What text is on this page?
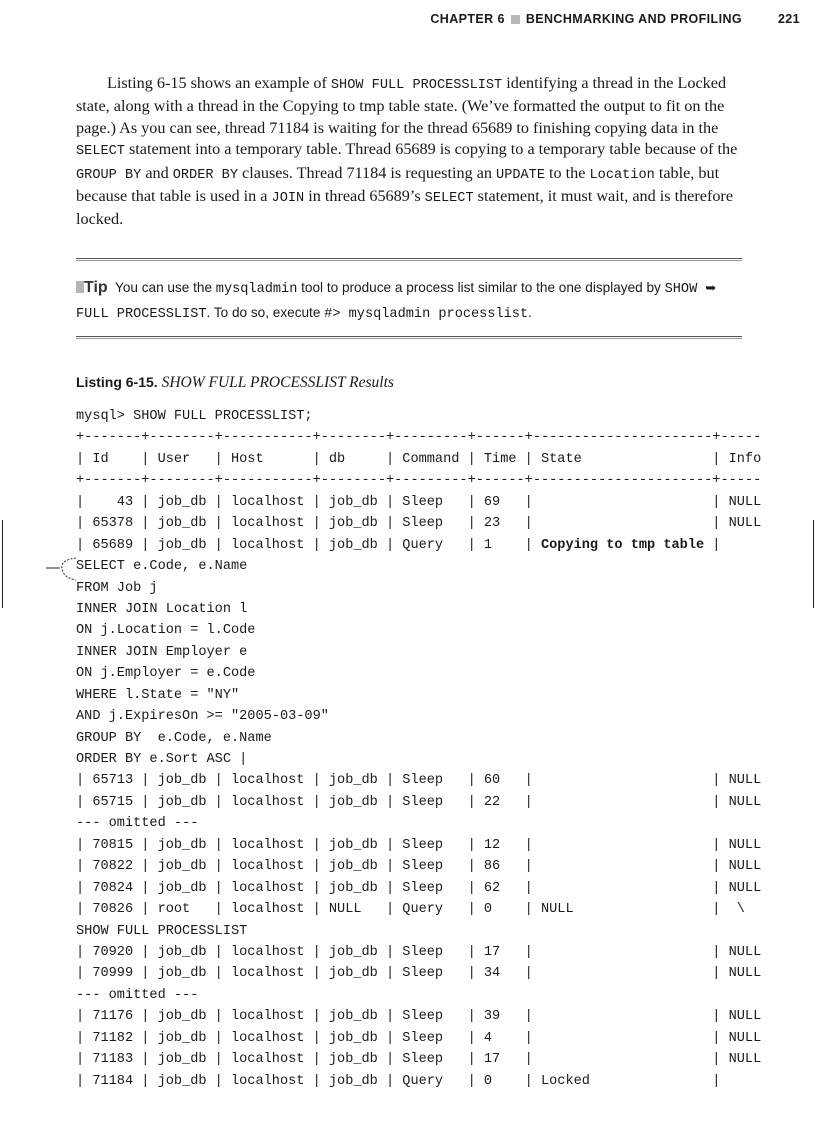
CHAPTER 6 BENCHMARKING AND PROFILING	221

Listing 6-15 shows an example of SHOW FULL PROCESSLIST identifying a thread in the Locked state, along with a thread in the Copying to tmp table state. (We’ve formatted the output to fit on the page.) As you can see, thread 71184 is waiting for the thread 65689 to finishing copying data in the SELECT statement into a temporary table. Thread 65689 is copying to a temporary table because of the GROUP BY and ORDER BY clauses. Thread 71184 is requesting an UPDATE to the Location table, but because that table is used in a JOIN in thread 65689’s SELECT statement, it must wait, and is therefore locked.

Tip You can use the mysqladmin tool to produce a process list similar to the one displayed by SHOW ➥
FULL PROCESSLIST. To do so, execute #> mysqladmin processlist.
Listing 6-15. SHOW FULL PROCESSLIST Results
mysql> SHOW FULL PROCESSLIST;
+-------+--------+-----------+--------+---------+------+----------------------+-----
| Id    | User   | Host      | db     | Command | Time | State                | Info
+-------+--------+-----------+--------+---------+------+----------------------+-----
|    43 | job_db | localhost | job_db | Sleep   | 69   |                      | NULL
| 65378 | job_db | localhost | job_db | Sleep   | 23   |                      | NULL
| 65689 | job_db | localhost | job_db | Query   | 1    | Copying to tmp table |
SELECT e.Code, e.Name
FROM Job j
INNER JOIN Location l
ON j.Location = l.Code
INNER JOIN Employer e
ON j.Employer = e.Code
WHERE l.State = "NY"
AND j.ExpiresOn >= "2005-03-09"
GROUP BY  e.Code, e.Name
ORDER BY e.Sort ASC |
| 65713 | job_db | localhost | job_db | Sleep   | 60   |                      | NULL
| 65715 | job_db | localhost | job_db | Sleep   | 22   |                      | NULL
--- omitted ---
| 70815 | job_db | localhost | job_db | Sleep   | 12   |                      | NULL
| 70822 | job_db | localhost | job_db | Sleep   | 86   |                      | NULL
| 70824 | job_db | localhost | job_db | Sleep   | 62   |                      | NULL
| 70826 | root   | localhost | NULL   | Query   | 0    | NULL                 |  \
SHOW FULL PROCESSLIST
| 70920 | job_db | localhost | job_db | Sleep   | 17   |                      | NULL
| 70999 | job_db | localhost | job_db | Sleep   | 34   |                      | NULL
--- omitted ---
| 71176 | job_db | localhost | job_db | Sleep   | 39   |                      | NULL
| 71182 | job_db | localhost | job_db | Sleep   | 4    |                      | NULL
| 71183 | job_db | localhost | job_db | Sleep   | 17   |                      | NULL
| 71184 | job_db | localhost | job_db | Query   | 0    | Locked               |
